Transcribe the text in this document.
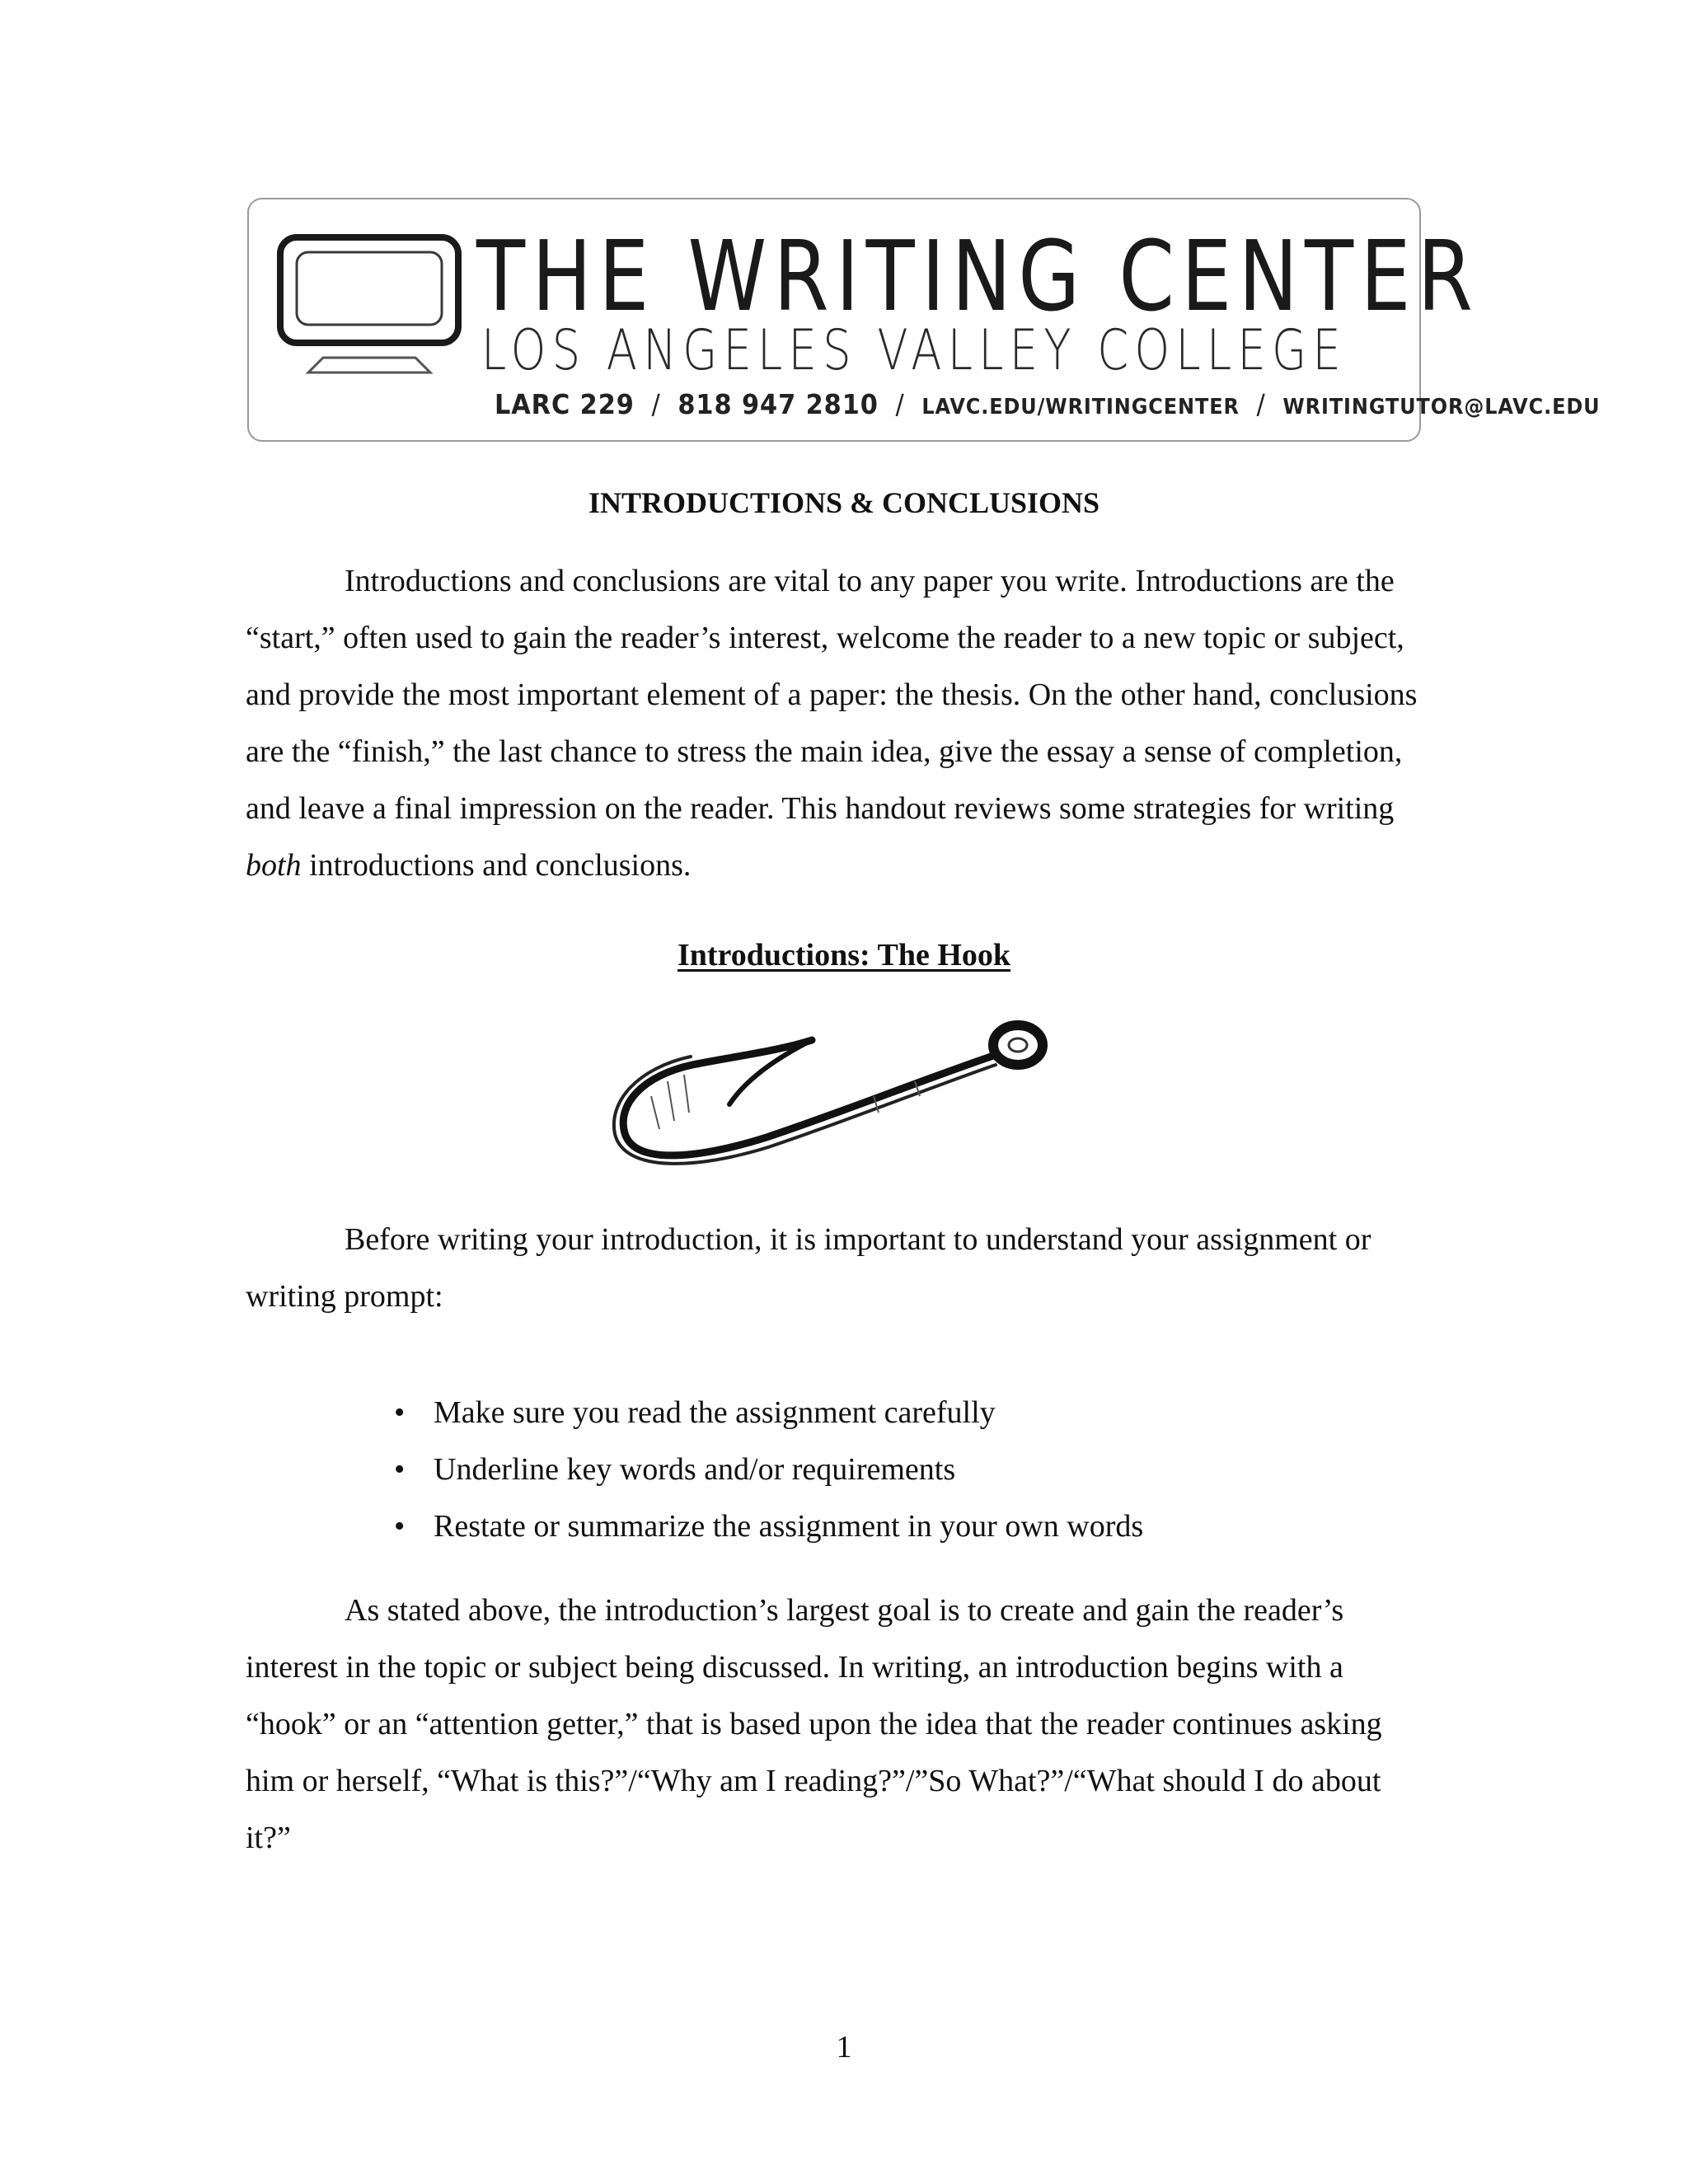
THE WRITING CENTER
LOS ANGELES VALLEY COLLEGE
LARC 229 / 818 947 2810 / LAVC.EDU/WRITINGCENTER / WRITINGTUTOR@LAVC.EDU
INTRODUCTIONS & CONCLUSIONS

Introductions and conclusions are vital to any paper you write. Introductions are the “start,” often used to gain the reader’s interest, welcome the reader to a new topic or subject, and provide the most important element of a paper: the thesis. On the other hand, conclusions are the “finish,” the last chance to stress the main idea, give the essay a sense of completion, and leave a final impression on the reader. This handout reviews some strategies for writing both introductions and conclusions.

Introductions: The Hook

Before writing your introduction, it is important to understand your assignment or writing prompt:

• Make sure you read the assignment carefully
• Underline key words and/or requirements
• Restate or summarize the assignment in your own words

As stated above, the introduction’s largest goal is to create and gain the reader’s interest in the topic or subject being discussed. In writing, an introduction begins with a “hook” or an “attention getter,” that is based upon the idea that the reader continues asking him or herself, “What is this?”/“Why am I reading?”/”So What?”/“What should I do about it?”

1
